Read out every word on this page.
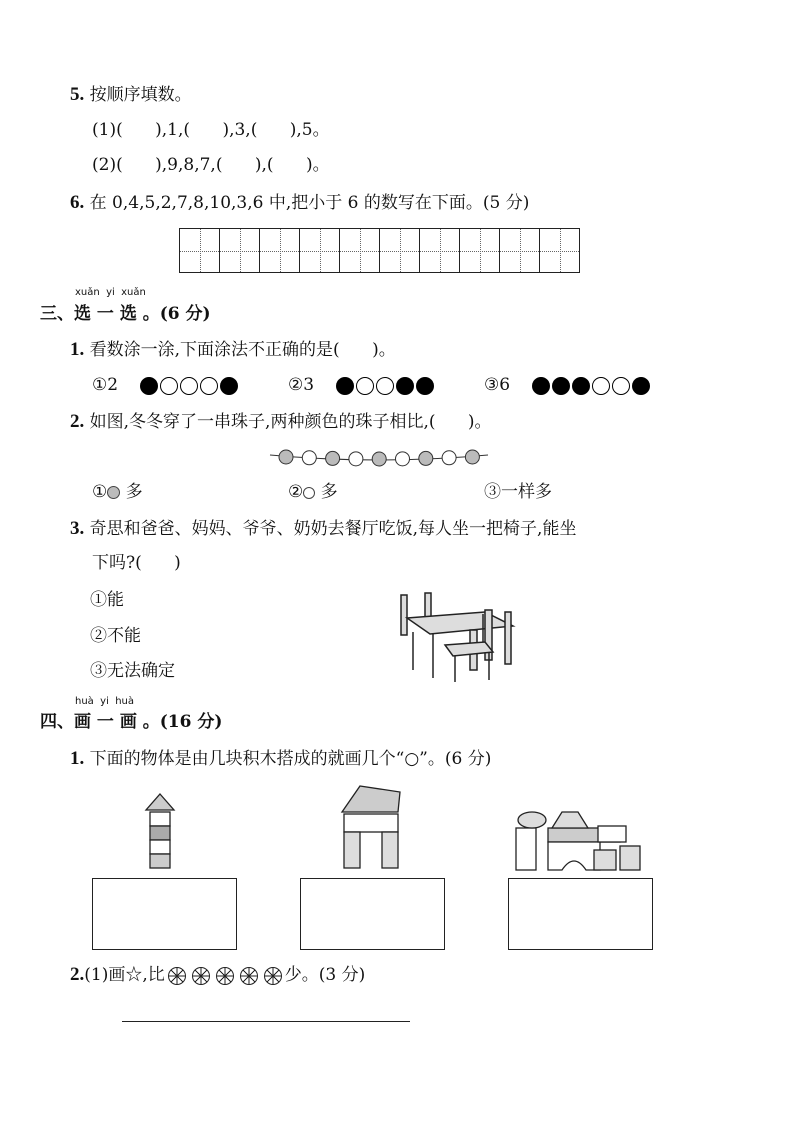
5. 按顺序填数。
(1)(      ),1,(      ),3,(      ),5。
(2)(      ),9,8,7,(      ),(      )。
6. 在 0,4,5,2,7,8,10,3,6 中,把小于 6 的数写在下面。(5 分)
xuǎn  yi  xuǎn
三、选 一 选 。(6 分)
1. 看数涂一涂,下面涂法不正确的是(      )。
2. 如图,冬冬穿了一串珠子,两种颜色的珠子相比,(      )。
① 多	② 多	③一样多
3. 奇思和爸爸、妈妈、爷爷、奶奶去餐厅吃饭,每人坐一把椅子,能坐
下吗?(      )
①能
②不能
③无法确定
huà  yi  huà
四、画 一 画 。(16 分)
1. 下面的物体是由几块积木搭成的就画几个“○”。(6 分)
2.(1)画☆,比	少。(3 分)
①2	②3	③6
